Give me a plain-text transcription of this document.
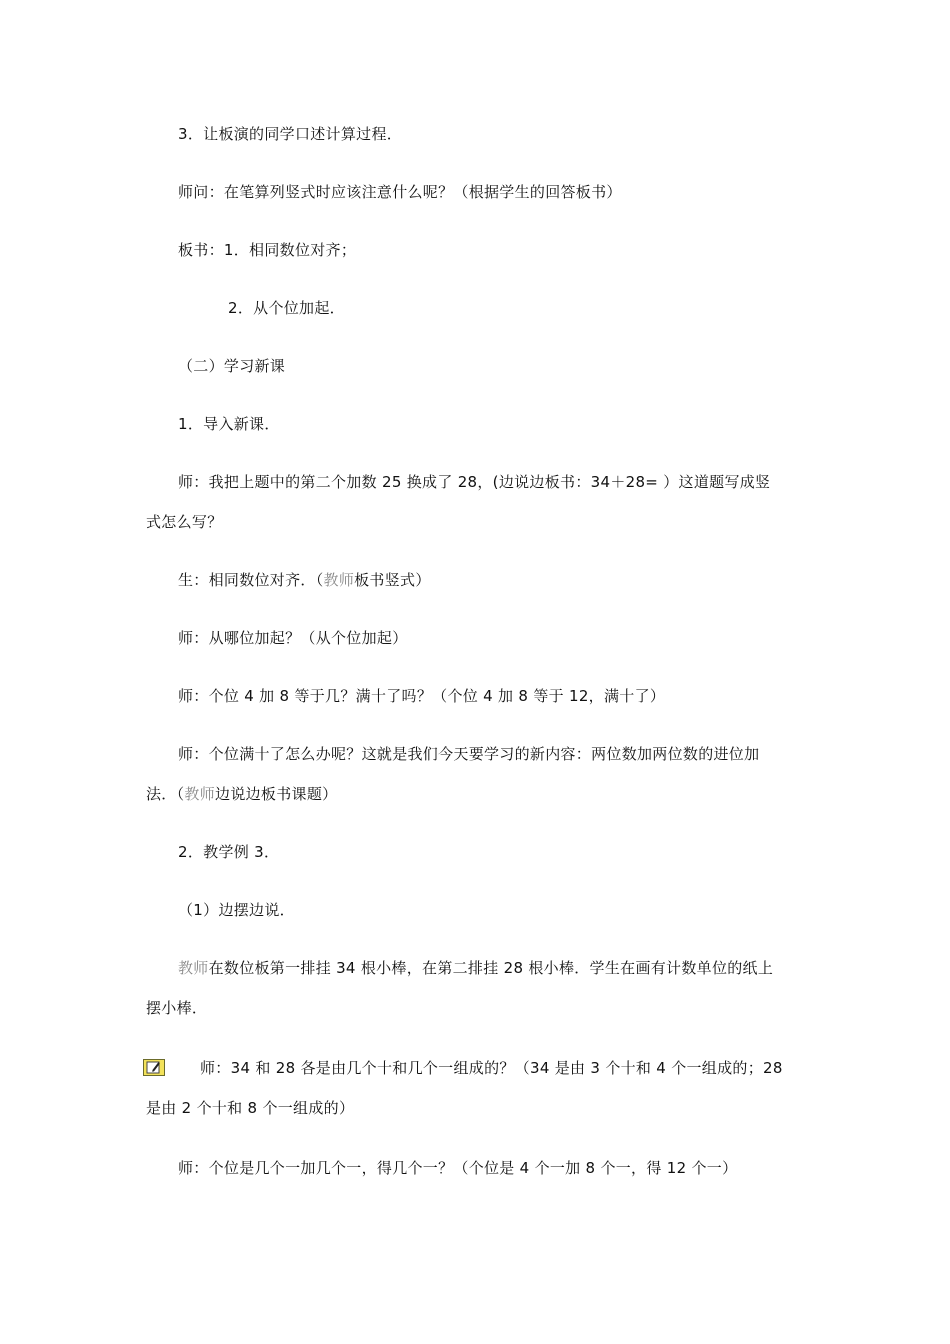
3．让板演的同学口述计算过程．
师问：在笔算列竖式时应该注意什么呢？（根据学生的回答板书）
板书：1．相同数位对齐；
2．从个位加起．
（二）学习新课
1．导入新课．
师：我把上题中的第二个加数 25 换成了 28，(边说边板书：34＋28= ）这道题写成竖
式怎么写？
生：相同数位对齐．（教师板书竖式）
师：从哪位加起？（从个位加起）
师：个位 4 加 8 等于几？满十了吗？（个位 4 加 8 等于 12，满十了）
师：个位满十了怎么办呢？这就是我们今天要学习的新内容：两位数加两位数的进位加
法．（教师边说边板书课题）
2．教学例 3．
（1）边摆边说．
教师在数位板第一排挂 34 根小棒，在第二排挂 28 根小棒．学生在画有计数单位的纸上
摆小棒．
师：34 和 28 各是由几个十和几个一组成的？（34 是由 3 个十和 4 个一组成的；28
是由 2 个十和 8 个一组成的）
师：个位是几个一加几个一，得几个一？（个位是 4 个一加 8 个一，得 12 个一）
